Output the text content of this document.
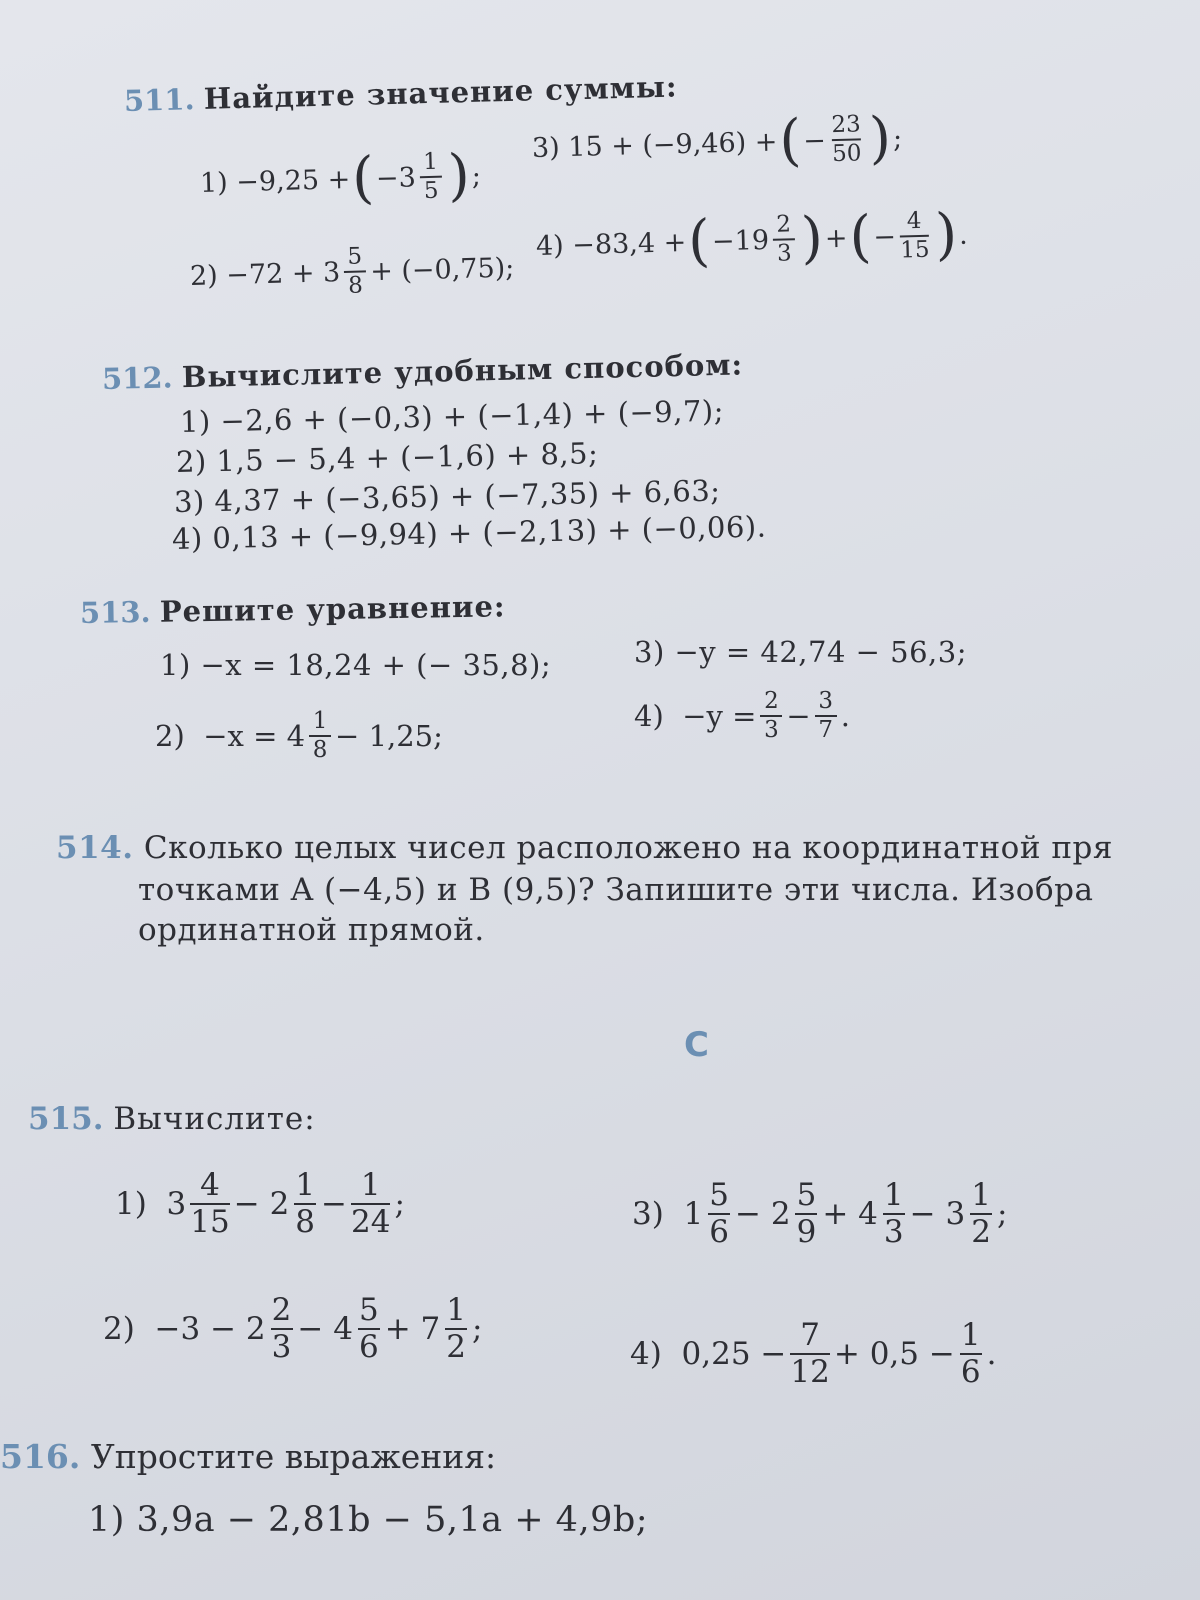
511. Найдите значение суммы:
1)
−9,25 + ( −3 1
5 ) ;
3)
15 + (−9,46) + ( − $\frac{23}{50}$ ) ;
2)
−72 + 3 5
8 + (−0,75);
4)
−83,4 + ( −19 2
3 ) + ( − $\frac{4}{15}$ ) .
512. Вычислите удобным способом:
1) −2,6 + (−0,3) + (−1,4) + (−9,7);
2) 1,5 − 5,4 + (−1,6) + 8,5;
3) 4,37 + (−3,65) + (−7,35) + 6,63;
4) 0,13 + (−9,94) + (−2,13) + (−0,06).
513. Решите уравнение:
1) −x = 18,24 + (− 35,8);	3) −y = 42,74 − 56,3;
2)
−x = 4 1
8 − 1,25;
4)
$-y = \frac{2}{3} - \frac{3}{7}$ .
514. Сколько целых чисел расположено на координатной пря
точками A (−4,5) и B (9,5)? Запишите эти числа. Изобра
ординатной прямой.
C
515. Вычислите:
1)
3
4
15 −
2
1
$8 - \frac{1}{24}$ ;	3)
1
5
6 −
2
5
9 +
4
1
3 −
3
1
2 ;
2)
−3 − 2
2
3 − 4
5
6 + 7
1
2 ;
4)
$0,25 - \frac{7}{12} + 0,5 - \frac{1}{6}$ .
516. Упростите выражения:
1) 3,9a − 2,81b − 5,1a + 4,9b;
